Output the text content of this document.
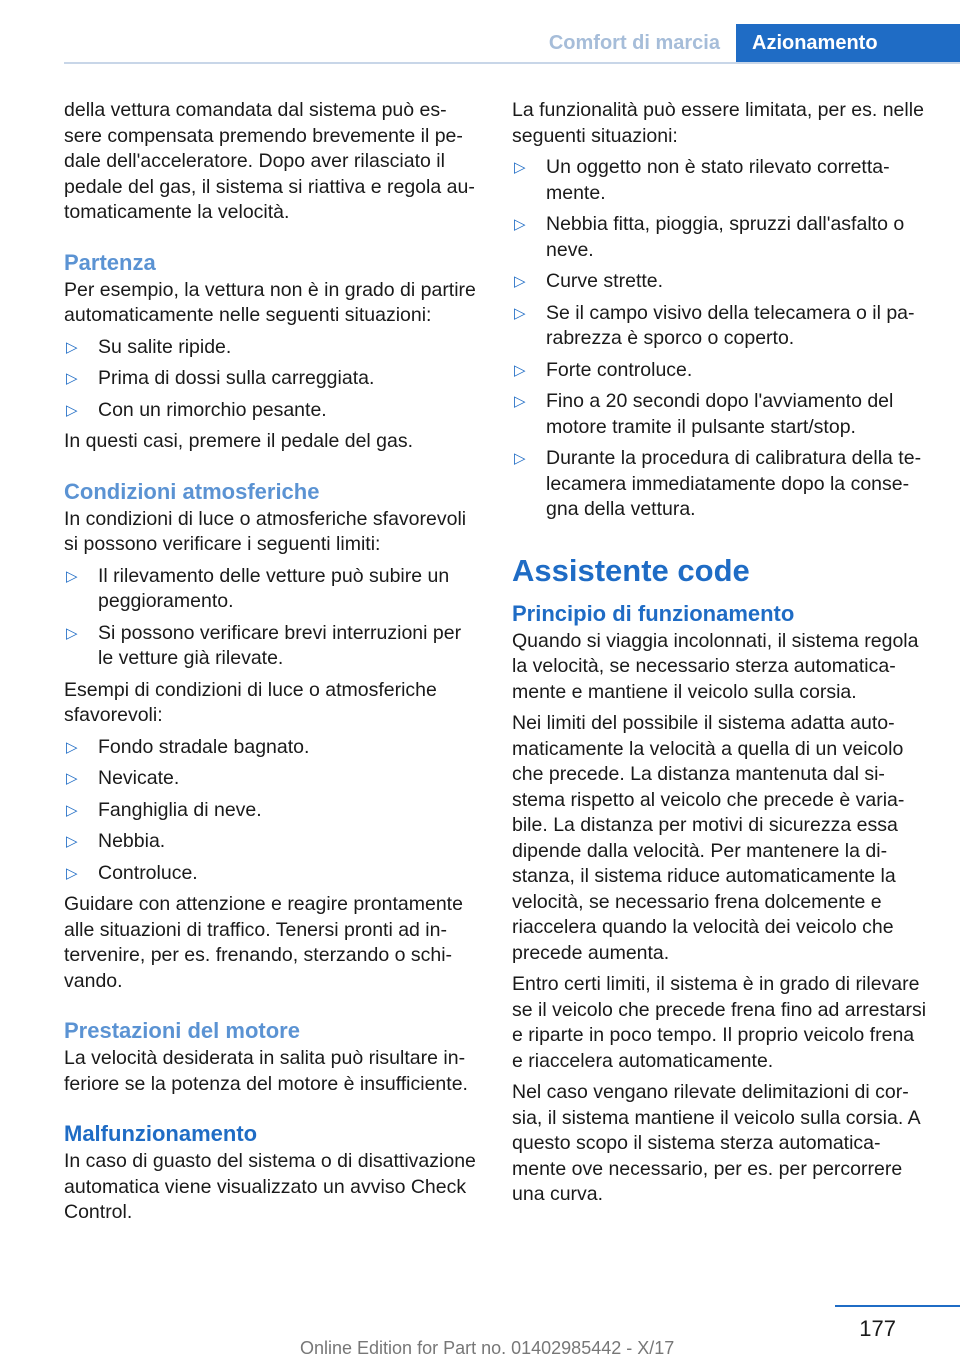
Comfort di marcia	Azionamento

della vettura comandata dal sistema può essere compensata premendo brevemente il pedale dell'acceleratore. Dopo aver rilasciato il pedale del gas, il sistema si riattiva e regola automaticamente la velocità.

Partenza

Per esempio, la vettura non è in grado di partire automaticamente nelle seguenti situazioni:

▷ Su salite ripide.
▷ Prima di dossi sulla carreggiata.
▷ Con un rimorchio pesante.

In questi casi, premere il pedale del gas.

Condizioni atmosferiche

In condizioni di luce o atmosferiche sfavorevoli si possono verificare i seguenti limiti:

▷ Il rilevamento delle vetture può subire un peggioramento.
▷ Si possono verificare brevi interruzioni per le vetture già rilevate.

Esempi di condizioni di luce o atmosferiche sfavorevoli:

▷ Fondo stradale bagnato.
▷ Nevicate.
▷ Fanghiglia di neve.
▷ Nebbia.
▷ Controluce.

Guidare con attenzione e reagire prontamente alle situazioni di traffico. Tenersi pronti ad intervenire, per es. frenando, sterzando o schivando.

Prestazioni del motore

La velocità desiderata in salita può risultare inferiore se la potenza del motore è insufficiente.

Malfunzionamento

In caso di guasto del sistema o di disattivazione automatica viene visualizzato un avviso Check Control.

La funzionalità può essere limitata, per es. nelle seguenti situazioni:

▷ Un oggetto non è stato rilevato correttamente.
▷ Nebbia fitta, pioggia, spruzzi dall'asfalto o neve.
▷ Curve strette.
▷ Se il campo visivo della telecamera o il parabrezza è sporco o coperto.
▷ Forte controluce.
▷ Fino a 20 secondi dopo l'avviamento del motore tramite il pulsante start/stop.
▷ Durante la procedura di calibratura della telecamera immediatamente dopo la consegna della vettura.
Assistente code
Principio di funzionamento

Quando si viaggia incolonnati, il sistema regola la velocità, se necessario sterza automaticamente e mantiene il veicolo sulla corsia.

Nei limiti del possibile il sistema adatta automaticamente la velocità a quella di un veicolo che precede. La distanza mantenuta dal sistema rispetto al veicolo che precede è variabile. La distanza per motivi di sicurezza essa dipende dalla velocità. Per mantenere la distanza, il sistema riduce automaticamente la velocità, se necessario frena dolcemente e riaccelera quando la velocità dei veicolo che precede aumenta.

Entro certi limiti, il sistema è in grado di rilevare se il veicolo che precede frena fino ad arrestarsi e riparte in poco tempo. Il proprio veicolo frena e riaccelera automaticamente.

Nel caso vengano rilevate delimitazioni di corsia, il sistema mantiene il veicolo sulla corsia. A questo scopo il sistema sterza automaticamente ove necessario, per es. per percorrere una curva.

177
Online Edition for Part no. 01402985442 - X/17
